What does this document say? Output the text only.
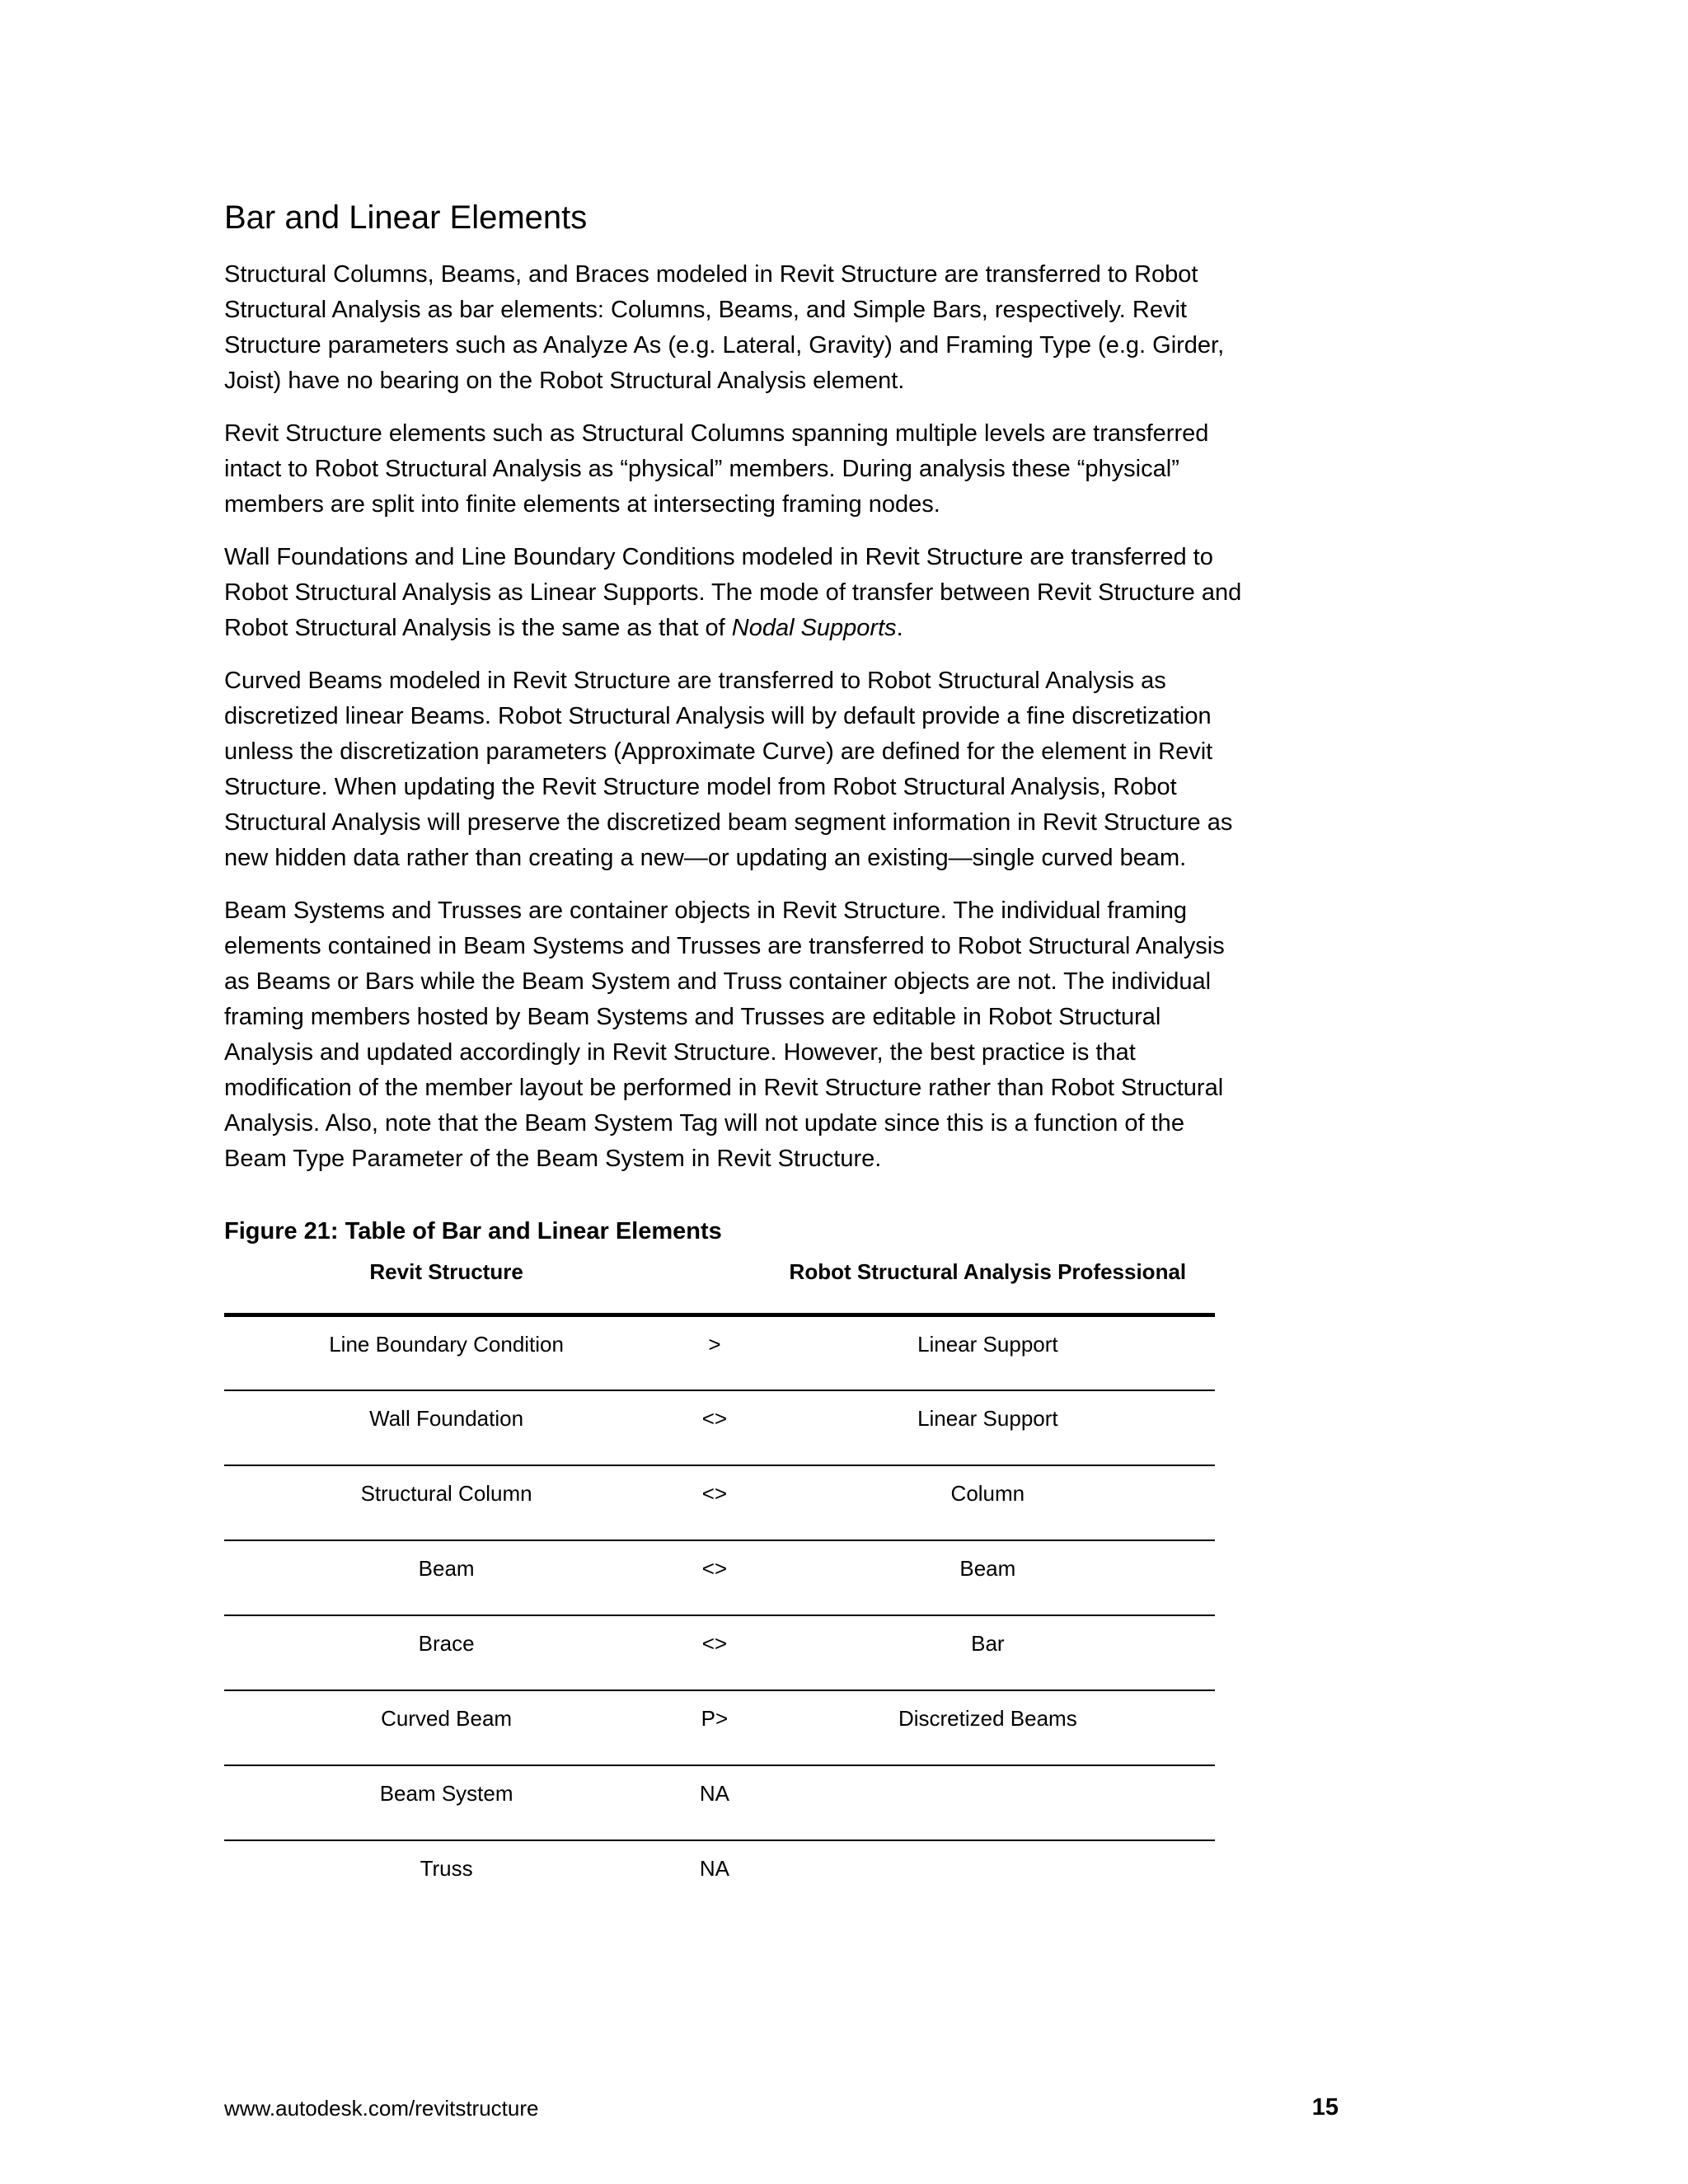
Bar and Linear Elements

Structural Columns, Beams, and Braces modeled in Revit Structure are transferred to Robot Structural Analysis as bar elements: Columns, Beams, and Simple Bars, respectively. Revit Structure parameters such as Analyze As (e.g. Lateral, Gravity) and Framing Type (e.g. Girder, Joist) have no bearing on the Robot Structural Analysis element.

Revit Structure elements such as Structural Columns spanning multiple levels are transferred intact to Robot Structural Analysis as “physical” members. During analysis these “physical” members are split into finite elements at intersecting framing nodes.

Wall Foundations and Line Boundary Conditions modeled in Revit Structure are transferred to Robot Structural Analysis as Linear Supports. The mode of transfer between Revit Structure and Robot Structural Analysis is the same as that of Nodal Supports.

Curved Beams modeled in Revit Structure are transferred to Robot Structural Analysis as discretized linear Beams. Robot Structural Analysis will by default provide a fine discretization unless the discretization parameters (Approximate Curve) are defined for the element in Revit Structure. When updating the Revit Structure model from Robot Structural Analysis, Robot Structural Analysis will preserve the discretized beam segment information in Revit Structure as new hidden data rather than creating a new—or updating an existing—single curved beam.

Beam Systems and Trusses are container objects in Revit Structure. The individual framing elements contained in Beam Systems and Trusses are transferred to Robot Structural Analysis as Beams or Bars while the Beam System and Truss container objects are not. The individual framing members hosted by Beam Systems and Trusses are editable in Robot Structural Analysis and updated accordingly in Revit Structure. However, the best practice is that modification of the member layout be performed in Revit Structure rather than Robot Structural Analysis. Also, note that the Beam System Tag will not update since this is a function of the Beam Type Parameter of the Beam System in Revit Structure.

Figure 21: Table of Bar and Linear Elements
Revit Structure		Robot Structural Analysis Professional
Line Boundary Condition	>	Linear Support
Wall Foundation	<>	Linear Support
Structural Column	<>	Column
Beam	<>	Beam
Brace	<>	Bar
Curved Beam	P>	Discretized Beams
Beam System	NA	
Truss	NA	
www.autodesk.com/revitstructure	15
